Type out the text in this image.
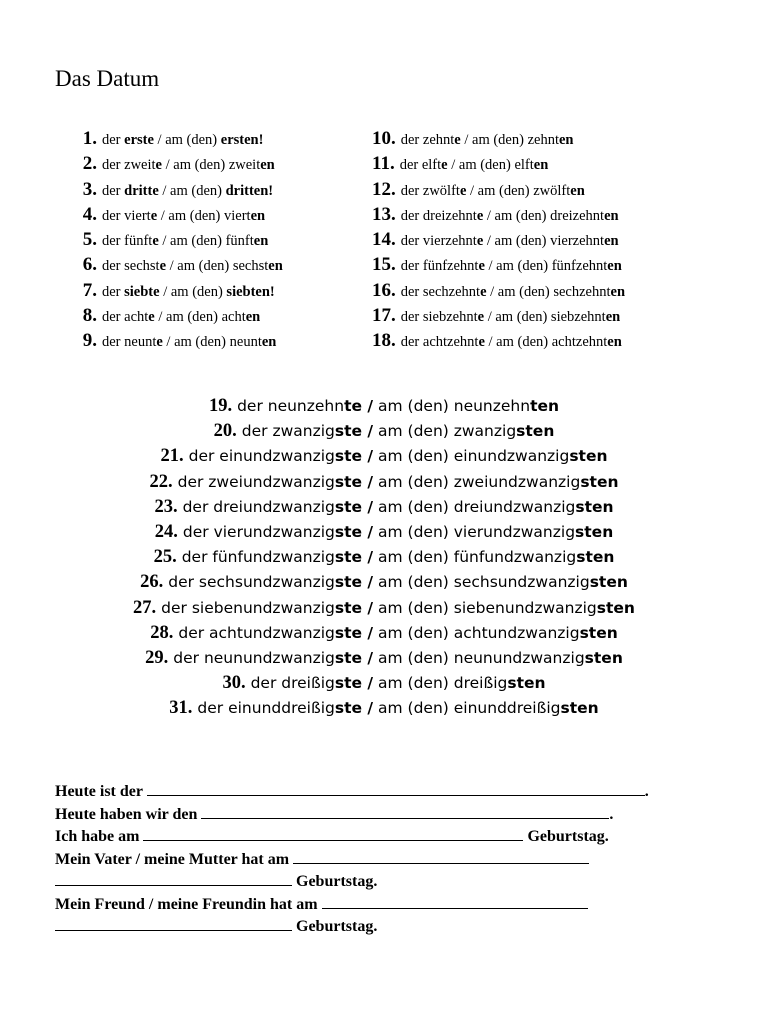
Das Datum
1. der erste / am (den) ersten!
2. der zweite / am (den) zweiten
3. der dritte / am (den) dritten!
4. der vierte / am (den) vierten
5. der fünfte / am (den) fünften
6. der sechste / am (den) sechsten
7. der siebte / am (den) siebten!
8. der achte / am (den) achten
9. der neunte / am (den) neunten
10. der zehnte / am (den) zehnten
11. der elfte / am (den) elften
12. der zwölfte / am (den) zwölften
13. der dreizehnte / am (den) dreizehnten
14. der vierzehnte / am (den) vierzehnten
15. der fünfzehnte / am (den) fünfzehnten
16. der sechzehnte / am (den) sechzehnten
17. der siebzehnte / am (den) siebzehnten
18. der achtzehnte / am (den) achtzehnten
19. der neunzehnte / am (den) neunzehnten
20. der zwanzigste / am (den) zwanzigsten
21. der einundzwanzigste / am (den) einundzwanzigsten
22. der zweiundzwanzigste / am (den) zweiundzwanzigsten
23. der dreiundzwanzigste / am (den) dreiundzwanzigsten
24. der vierundzwanzigste / am (den) vierundzwanzigsten
25. der fünfundzwanzigste / am (den) fünfundzwanzigsten
26. der sechsundzwanzigste / am (den) sechsundzwanzigsten
27. der siebenundzwanzigste / am (den) siebenundzwanzigsten
28. der achtundzwanzigste / am (den) achtundzwanzigsten
29. der neunundzwanzigste / am (den) neunundzwanzigsten
30. der dreißigste / am (den) dreißigsten
31. der einunddreißigste / am (den) einunddreißigsten
Heute ist der	.
Heute haben wir den	.
Ich habe am	Geburtstag.
Mein Vater / meine Mutter hat am
Geburtstag.
Mein Freund / meine Freundin hat am
Geburtstag.
